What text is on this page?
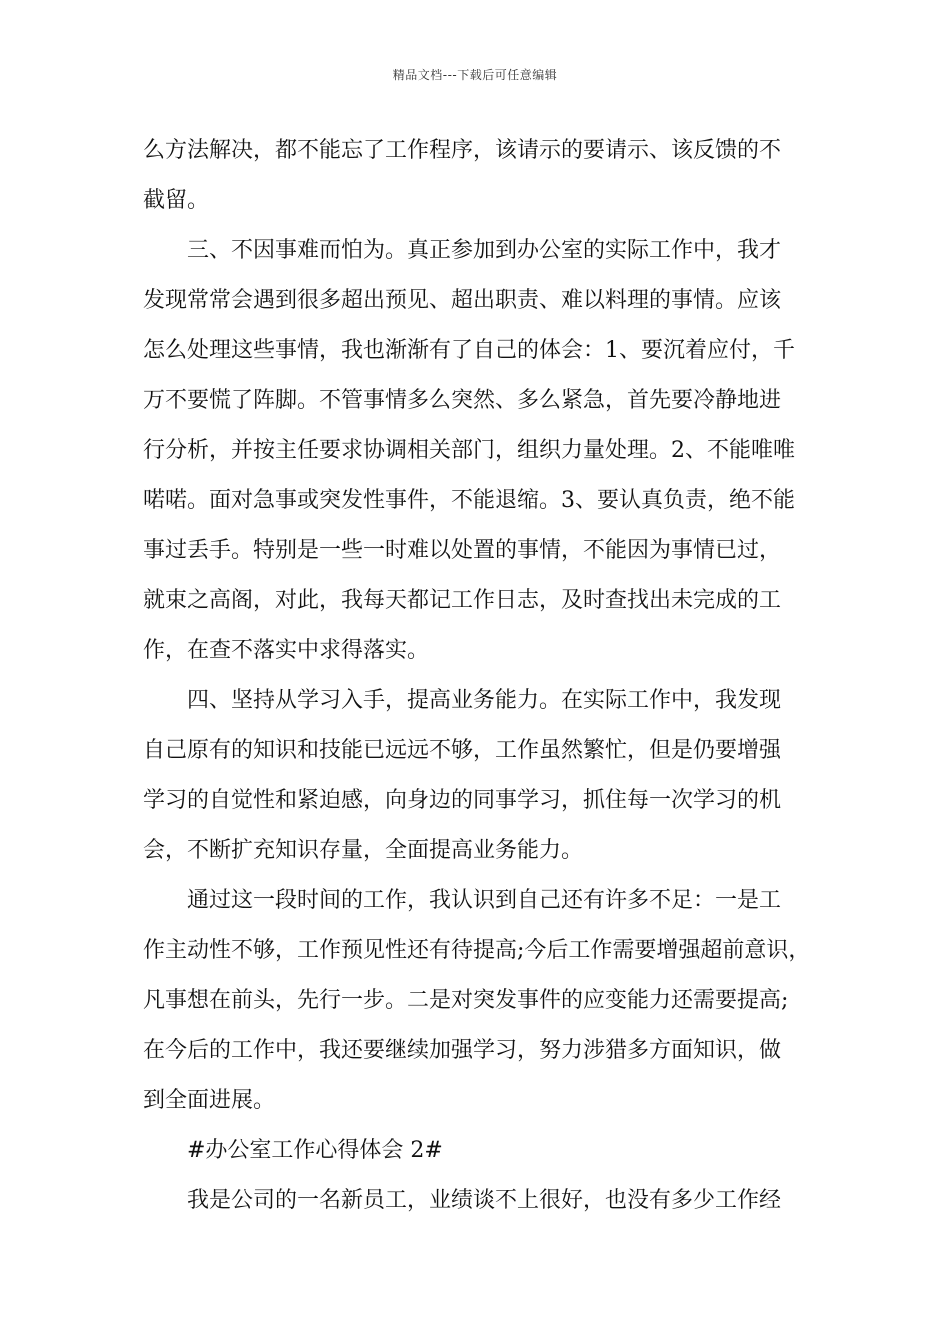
精品文档---下载后可任意编辑
么方法解决，都不能忘了工作程序，该请示的要请示、该反馈的不
截留。
三、不因事难而怕为。真正参加到办公室的实际工作中，我才
发现常常会遇到很多超出预见、超出职责、难以料理的事情。应该
怎么处理这些事情，我也渐渐有了自己的体会：1、要沉着应付，千
万不要慌了阵脚。不管事情多么突然、多么紧急，首先要冷静地进
行分析，并按主任要求协调相关部门，组织力量处理。2、不能唯唯
喏喏。面对急事或突发性事件，不能退缩。3、要认真负责，绝不能
事过丢手。特别是一些一时难以处置的事情，不能因为事情已过，
就束之高阁，对此，我每天都记工作日志，及时查找出未完成的工
作，在查不落实中求得落实。
四、坚持从学习入手，提高业务能力。在实际工作中，我发现
自己原有的知识和技能已远远不够，工作虽然繁忙，但是仍要增强
学习的自觉性和紧迫感，向身边的同事学习，抓住每一次学习的机
会，不断扩充知识存量，全面提高业务能力。
通过这一段时间的工作，我认识到自己还有许多不足：一是工
作主动性不够，工作预见性还有待提高;今后工作需要增强超前意识，
凡事想在前头，先行一步。二是对突发事件的应变能力还需要提高;
在今后的工作中，我还要继续加强学习，努力涉猎多方面知识，做
到全面进展。
#办公室工作心得体会 2#
我是公司的一名新员工，业绩谈不上很好，也没有多少工作经
